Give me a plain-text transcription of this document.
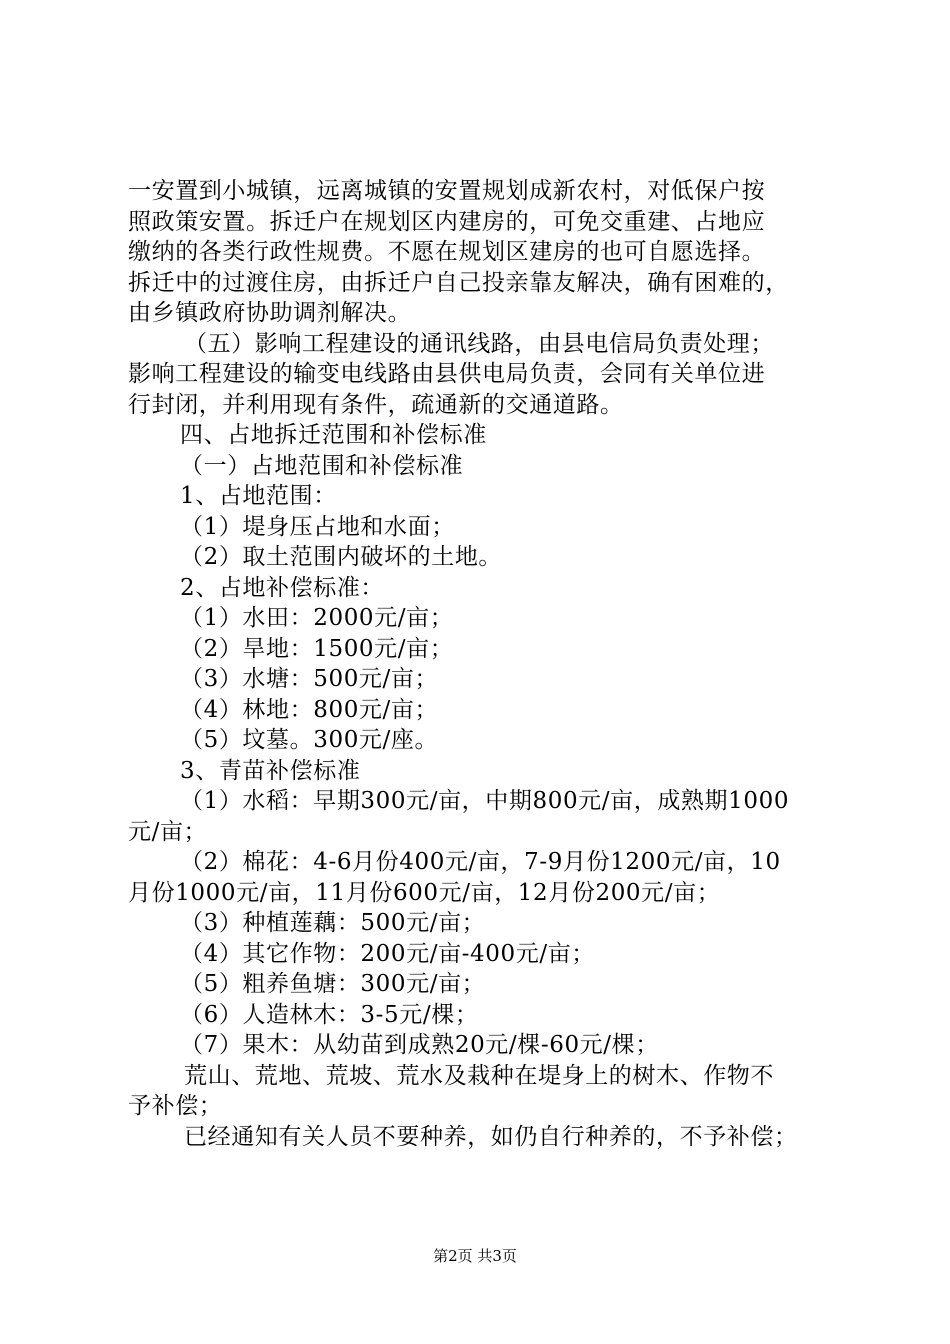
一安置到小城镇，远离城镇的安置规划成新农村，对低保户按
照政策安置。拆迁户在规划区内建房的，可免交重建、占地应
缴纳的各类行政性规费。不愿在规划区建房的也可自愿选择。
拆迁中的过渡住房，由拆迁户自己投亲靠友解决，确有困难的，
由乡镇政府协助调剂解决。
（五）影响工程建设的通讯线路，由县电信局负责处理；
影响工程建设的输变电线路由县供电局负责，会同有关单位进
行封闭，并利用现有条件，疏通新的交通道路。
四、占地拆迁范围和补偿标准
（一）占地范围和补偿标准
1、占地范围：
（1）堤身压占地和水面；
（2）取土范围内破坏的土地。
2、占地补偿标准：
（1）水田：2000元/亩；
（2）旱地：1500元/亩；
（3）水塘：500元/亩；
（4）林地：800元/亩；
（5）坟墓。300元/座。
3、青苗补偿标准
（1）水稻：早期300元/亩，中期800元/亩，成熟期1000
元/亩；
（2）棉花：4-6月份400元/亩，7-9月份1200元/亩，10
月份1000元/亩，11月份600元/亩，12月份200元/亩；
（3）种植莲藕：500元/亩；
（4）其它作物：200元/亩-400元/亩；
（5）粗养鱼塘：300元/亩；
（6）人造林木：3-5元/棵；
（7）果木：从幼苗到成熟20元/棵-60元/棵；
荒山、荒地、荒坡、荒水及栽种在堤身上的树木、作物不
予补偿；
已经通知有关人员不要种养，如仍自行种养的，不予补偿；
第2页 共3页
